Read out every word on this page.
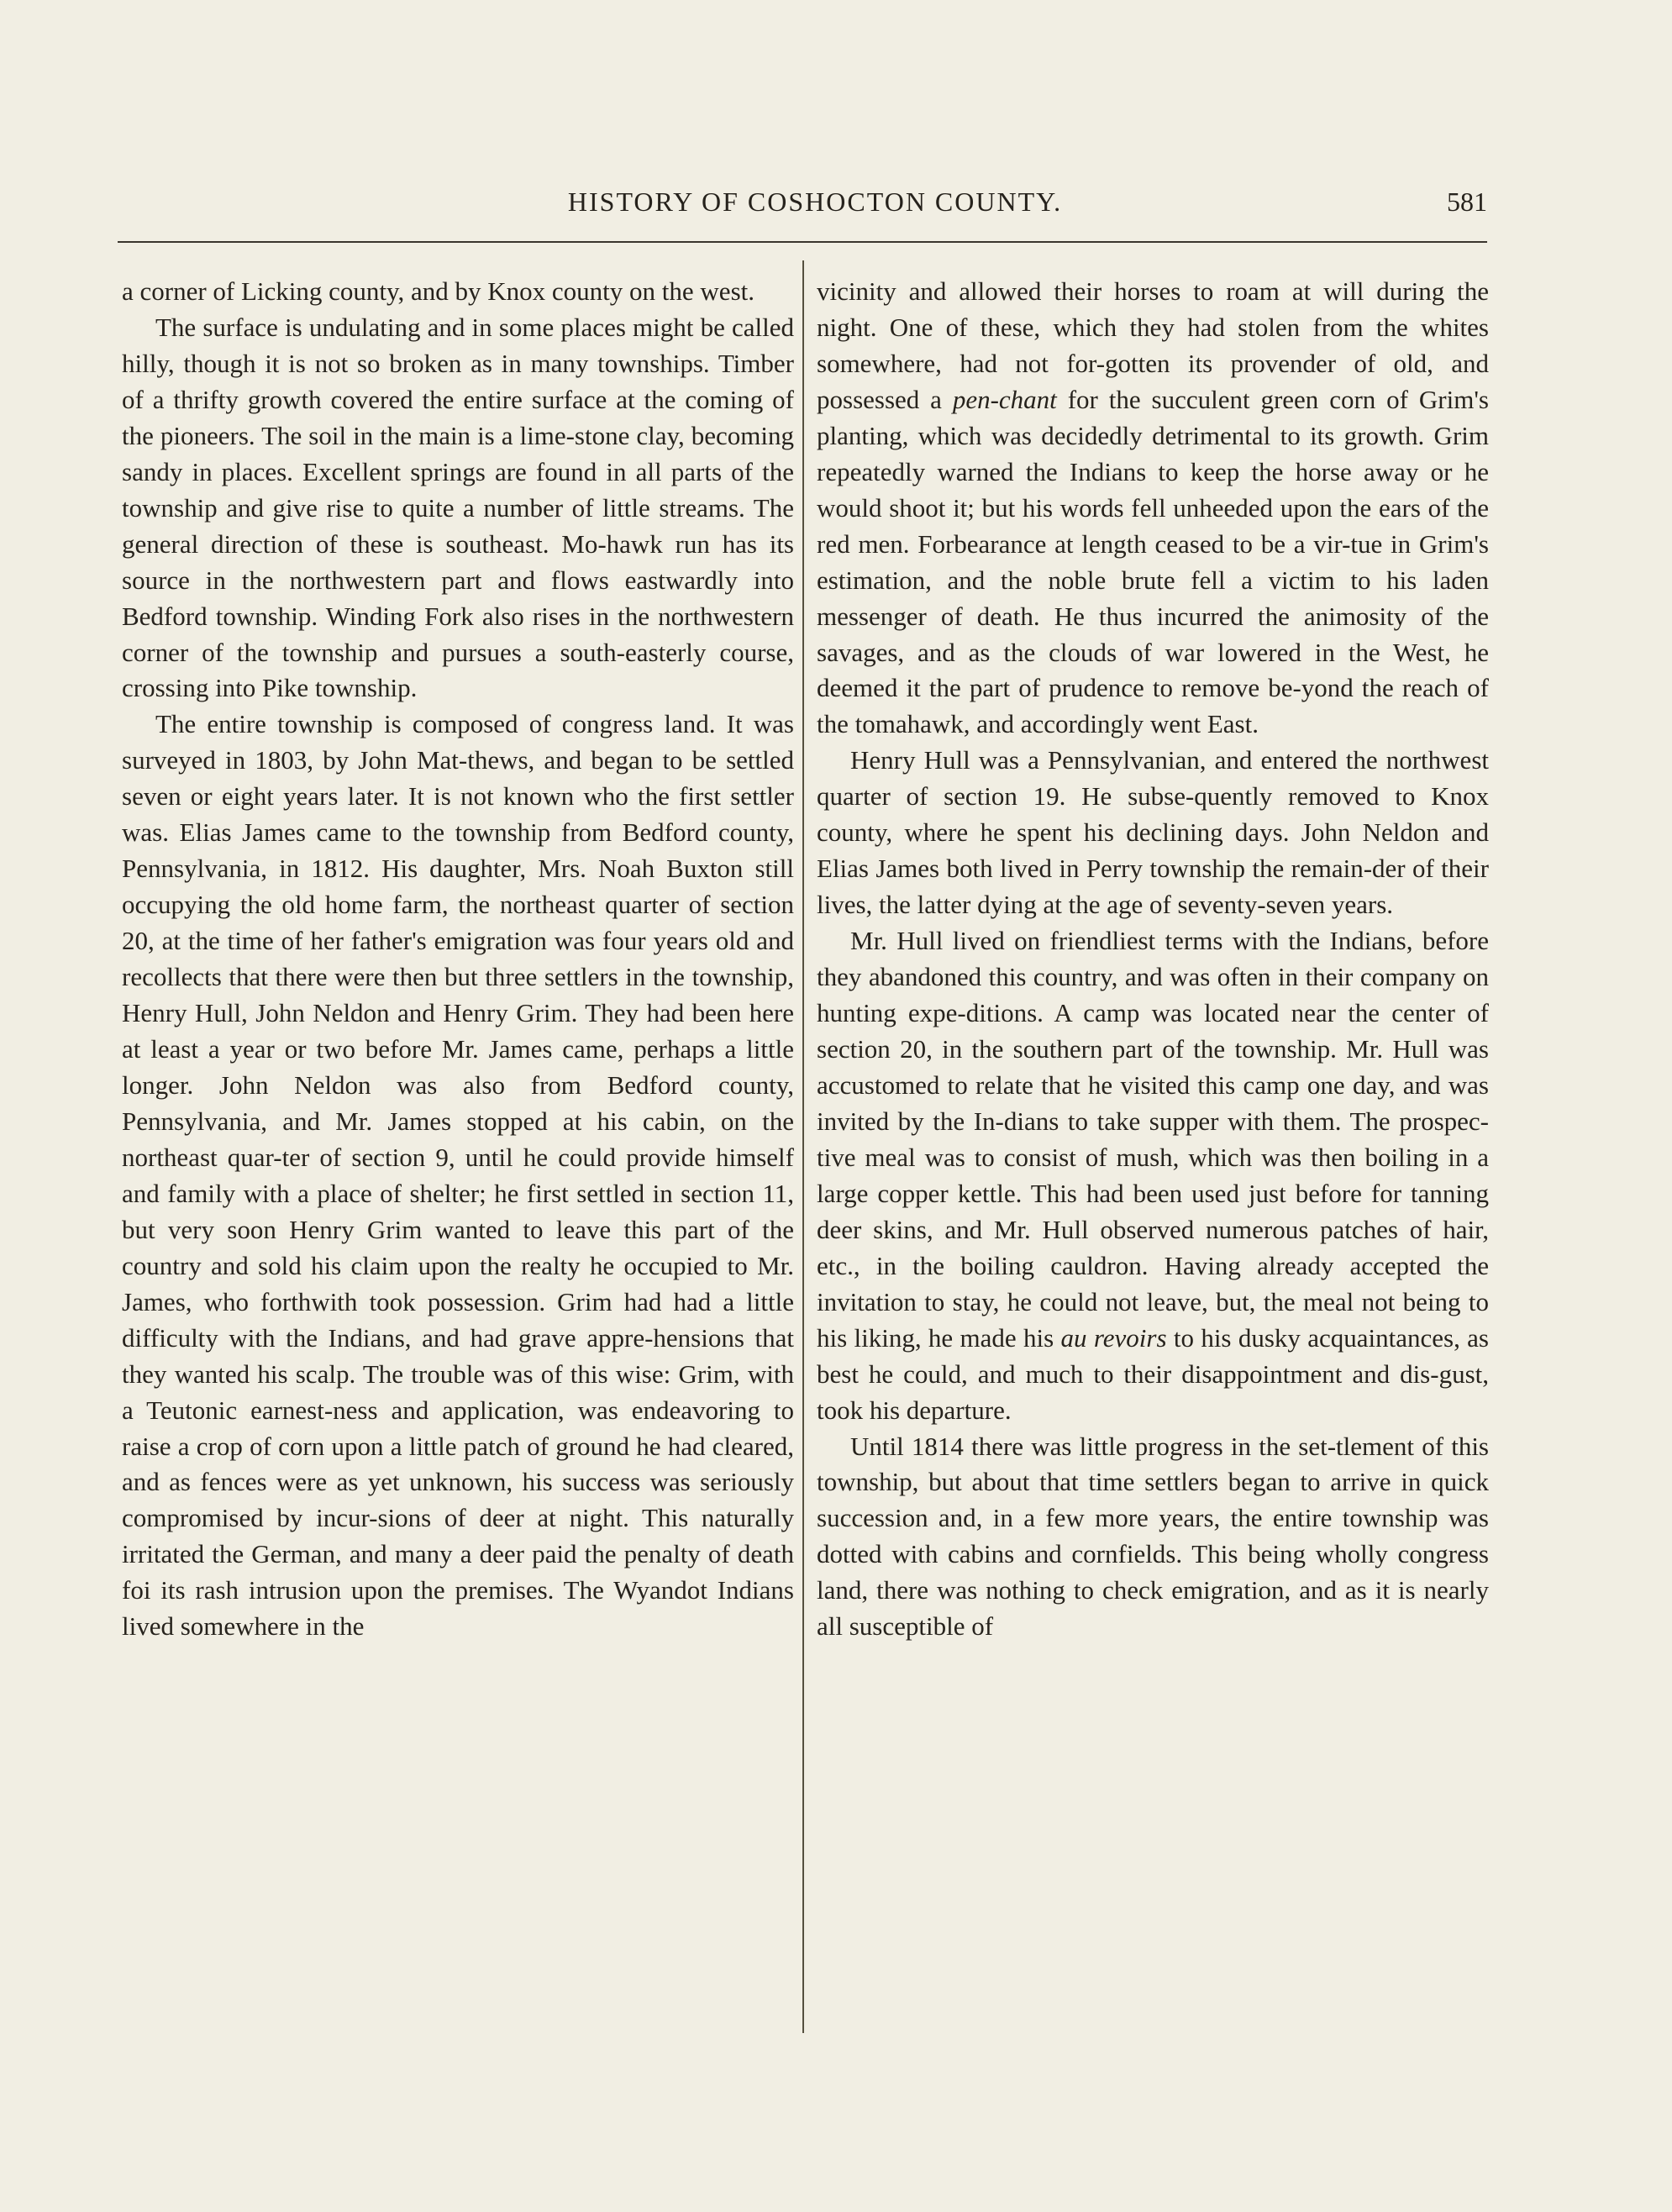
HISTORY OF COSHOCTON COUNTY.	581

a corner of Licking county, and by Knox county on the west.

The surface is undulating and in some places might be called hilly, though it is not so broken as in many townships. Timber of a thrifty growth covered the entire surface at the coming of the pioneers. The soil in the main is a lime-stone clay, becoming sandy in places. Excellent springs are found in all parts of the township and give rise to quite a number of little streams. The general direction of these is southeast. Mo-hawk run has its source in the northwestern part and flows eastwardly into Bedford township. Winding Fork also rises in the northwestern corner of the township and pursues a south-easterly course, crossing into Pike township.

The entire township is composed of congress land. It was surveyed in 1803, by John Mat-thews, and began to be settled seven or eight years later. It is not known who the first settler was. Elias James came to the township from Bedford county, Pennsylvania, in 1812. His daughter, Mrs. Noah Buxton still occupying the old home farm, the northeast quarter of section 20, at the time of her father's emigration was four years old and recollects that there were then but three settlers in the township, Henry Hull, John Neldon and Henry Grim. They had been here at least a year or two before Mr. James came, perhaps a little longer. John Neldon was also from Bedford county, Pennsylvania, and Mr. James stopped at his cabin, on the northeast quar-ter of section 9, until he could provide himself and family with a place of shelter; he first settled in section 11, but very soon Henry Grim wanted to leave this part of the country and sold his claim upon the realty he occupied to Mr. James, who forthwith took possession. Grim had had a little difficulty with the Indians, and had grave appre-hensions that they wanted his scalp. The trouble was of this wise: Grim, with a Teutonic earnest-ness and application, was endeavoring to raise a crop of corn upon a little patch of ground he had cleared, and as fences were as yet unknown, his success was seriously compromised by incur-sions of deer at night. This naturally irritated the German, and many a deer paid the penalty of death foi its rash intrusion upon the premises. The Wyandot Indians lived somewhere in the

vicinity and allowed their horses to roam at will during the night. One of these, which they had stolen from the whites somewhere, had not for-gotten its provender of old, and possessed a pen-chant for the succulent green corn of Grim's planting, which was decidedly detrimental to its growth. Grim repeatedly warned the Indians to keep the horse away or he would shoot it; but his words fell unheeded upon the ears of the red men. Forbearance at length ceased to be a vir-tue in Grim's estimation, and the noble brute fell a victim to his laden messenger of death. He thus incurred the animosity of the savages, and as the clouds of war lowered in the West, he deemed it the part of prudence to remove be-yond the reach of the tomahawk, and accordingly went East.

Henry Hull was a Pennsylvanian, and entered the northwest quarter of section 19. He subse-quently removed to Knox county, where he spent his declining days. John Neldon and Elias James both lived in Perry township the remain-der of their lives, the latter dying at the age of seventy-seven years.

Mr. Hull lived on friendliest terms with the Indians, before they abandoned this country, and was often in their company on hunting expe-ditions. A camp was located near the center of section 20, in the southern part of the township. Mr. Hull was accustomed to relate that he visited this camp one day, and was invited by the In-dians to take supper with them. The prospec-tive meal was to consist of mush, which was then boiling in a large copper kettle. This had been used just before for tanning deer skins, and Mr. Hull observed numerous patches of hair, etc., in the boiling cauldron. Having already accepted the invitation to stay, he could not leave, but, the meal not being to his liking, he made his au revoirs to his dusky acquaintances, as best he could, and much to their disappointment and dis-gust, took his departure.

Until 1814 there was little progress in the set-tlement of this township, but about that time settlers began to arrive in quick succession and, in a few more years, the entire township was dotted with cabins and cornfields. This being wholly congress land, there was nothing to check emigration, and as it is nearly all susceptible of
